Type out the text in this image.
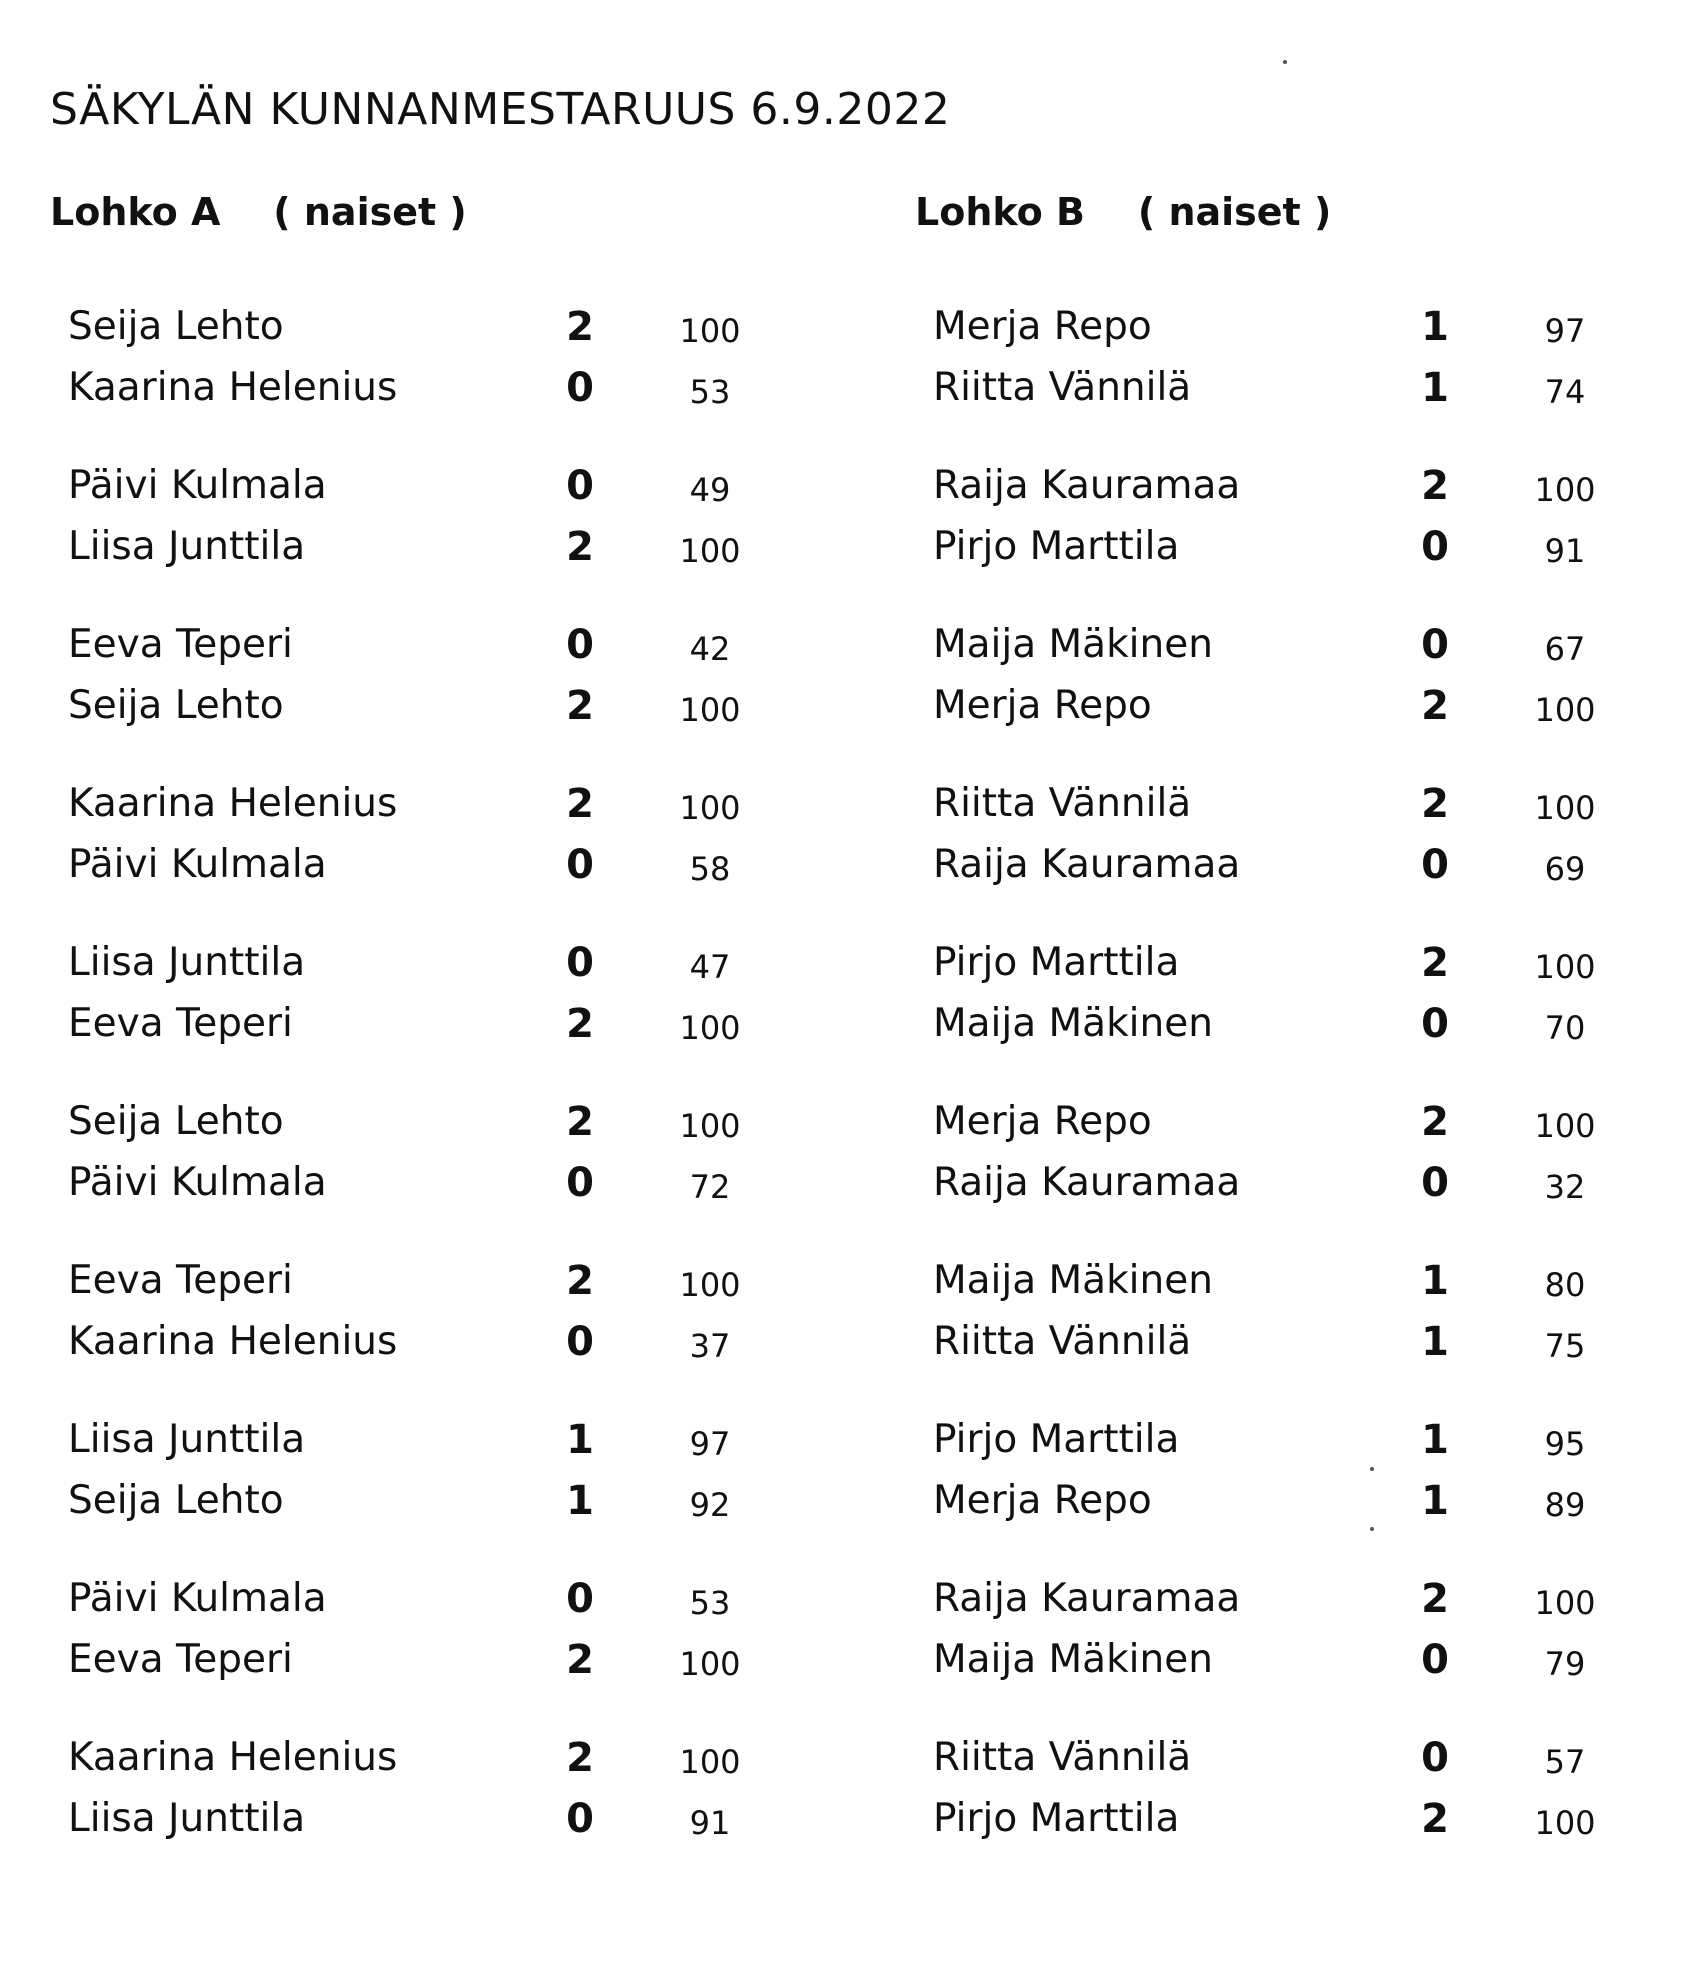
SÄKYLÄN KUNNANMESTARUUS 6.9.2022
Lohko A    ( naiset )
Seija Lehto	2	100
Kaarina Helenius	0	53
Päivi Kulmala	0	49
Liisa Junttila	2	100
Eeva Teperi	0	42
Seija Lehto	2	100
Kaarina Helenius	2	100
Päivi Kulmala	0	58
Liisa Junttila	0	47
Eeva Teperi	2	100
Seija Lehto	2	100
Päivi Kulmala	0	72
Eeva Teperi	2	100
Kaarina Helenius	0	37
Liisa Junttila	1	97
Seija Lehto	1	92
Päivi Kulmala	0	53
Eeva Teperi	2	100
Kaarina Helenius	2	100
Liisa Junttila	0	91
Lohko B    ( naiset )
Merja Repo	1	97
Riitta Vännilä	1	74
Raija Kauramaa	2	100
Pirjo Marttila	0	91
Maija Mäkinen	0	67
Merja Repo	2	100
Riitta Vännilä	2	100
Raija Kauramaa	0	69
Pirjo Marttila	2	100
Maija Mäkinen	0	70
Merja Repo	2	100
Raija Kauramaa	0	32
Maija Mäkinen	1	80
Riitta Vännilä	1	75
Pirjo Marttila	1	95
Merja Repo	1	89
Raija Kauramaa	2	100
Maija Mäkinen	0	79
Riitta Vännilä	0	57
Pirjo Marttila	2	100
